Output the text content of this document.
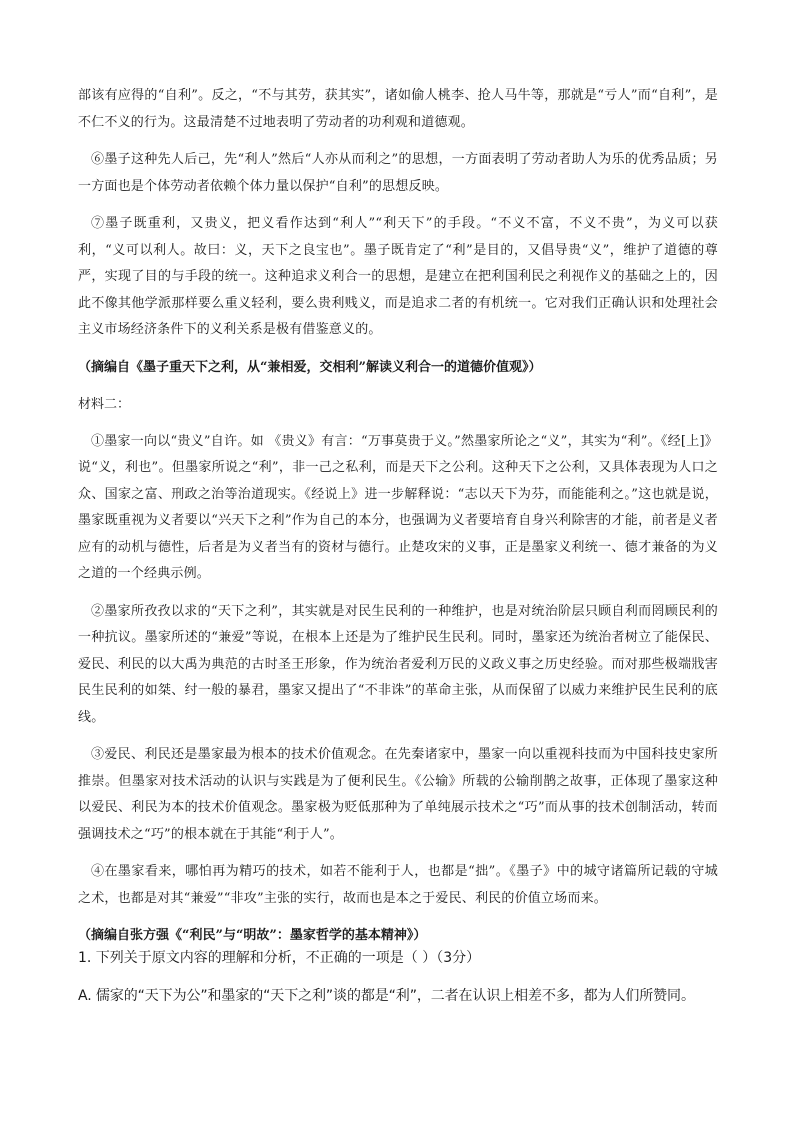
部该有应得的“自利”。反之，“不与其劳，获其实”，诸如偷人桃李、抢人马牛等，那就是“亏人”而“自利”，是不仁不义的行为。这最清楚不过地表明了劳动者的功利观和道德观。

⑥墨子这种先人后己，先“利人”然后“人亦从而利之”的思想，一方面表明了劳动者助人为乐的优秀品质；另一方面也是个体劳动者依赖个体力量以保护“自利”的思想反映。

⑦墨子既重利，又贵义，把义看作达到“利人”“利天下”的手段。“不义不富，不义不贵”，为义可以获利，“义可以利人。故曰：义，天下之良宝也”。墨子既肯定了“利”是目的，又倡导贵“义”，维护了道德的尊严，实现了目的与手段的统一。这种追求义利合一的思想，是建立在把利国利民之利视作义的基础之上的，因此不像其他学派那样要么重义轻利，要么贵利贱义，而是追求二者的有机统一。它对我们正确认识和处理社会主义市场经济条件下的义利关系是极有借鉴意义的。

（摘编自《墨子重天下之利，从“兼相爱，交相利”解读义利合一的道德价值观》）

材料二：

①墨家一向以“贵义”自许。如 《贵义》有言：“万事莫贵于义。”然墨家所论之“义”，其实为“利”。《经[上]》说“义，利也”。但墨家所说之“利”，非一己之私利，而是天下之公利。这种天下之公利，又具体表现为人口之众、国家之富、刑政之治等治道现实。《经说上》进一步解释说：“志以天下为芬，而能能利之。”这也就是说，墨家既重视为义者要以“兴天下之利”作为自己的本分，也强调为义者要培育自身兴利除害的才能，前者是义者应有的动机与德性，后者是为义者当有的资材与德行。止楚攻宋的义事，正是墨家义利统一、德才兼备的为义之道的一个经典示例。

②墨家所孜孜以求的“天下之利”，其实就是对民生民利的一种维护，也是对统治阶层只顾自利而罔顾民利的一种抗议。墨家所述的“兼爱”等说，在根本上还是为了维护民生民利。同时，墨家还为统治者树立了能保民、爱民、利民的以大禹为典范的古时圣王形象，作为统治者爱利万民的义政义事之历史经验。而对那些极端戕害民生民利的如桀、纣一般的暴君，墨家又提出了“不非诛”的革命主张，从而保留了以威力来维护民生民利的底线。

③爱民、利民还是墨家最为根本的技术价值观念。在先秦诸家中，墨家一向以重视科技而为中国科技史家所推崇。但墨家对技术活动的认识与实践是为了便利民生。《公输》所载的公输削鹊之故事，正体现了墨家这种以爱民、利民为本的技术价值观念。墨家极为贬低那种为了单纯展示技术之“巧”而从事的技术创制活动，转而强调技术之“巧”的根本就在于其能“利于人”。

④在墨家看来，哪怕再为精巧的技术，如若不能利于人，也都是“拙”。《墨子》中的城守诸篇所记载的守城之术，也都是对其“兼爱”“非攻”主张的实行，故而也是本之于爱民、利民的价值立场而来。

（摘编自张方强《“利民”与“明故”：墨家哲学的基本精神》）

1. 下列关于原文内容的理解和分析，不正确的一项是（ ）（3分）

A. 儒家的“天下为公”和墨家的“天下之利”谈的都是“利”，二者在认识上相差不多，都为人们所赞同。
